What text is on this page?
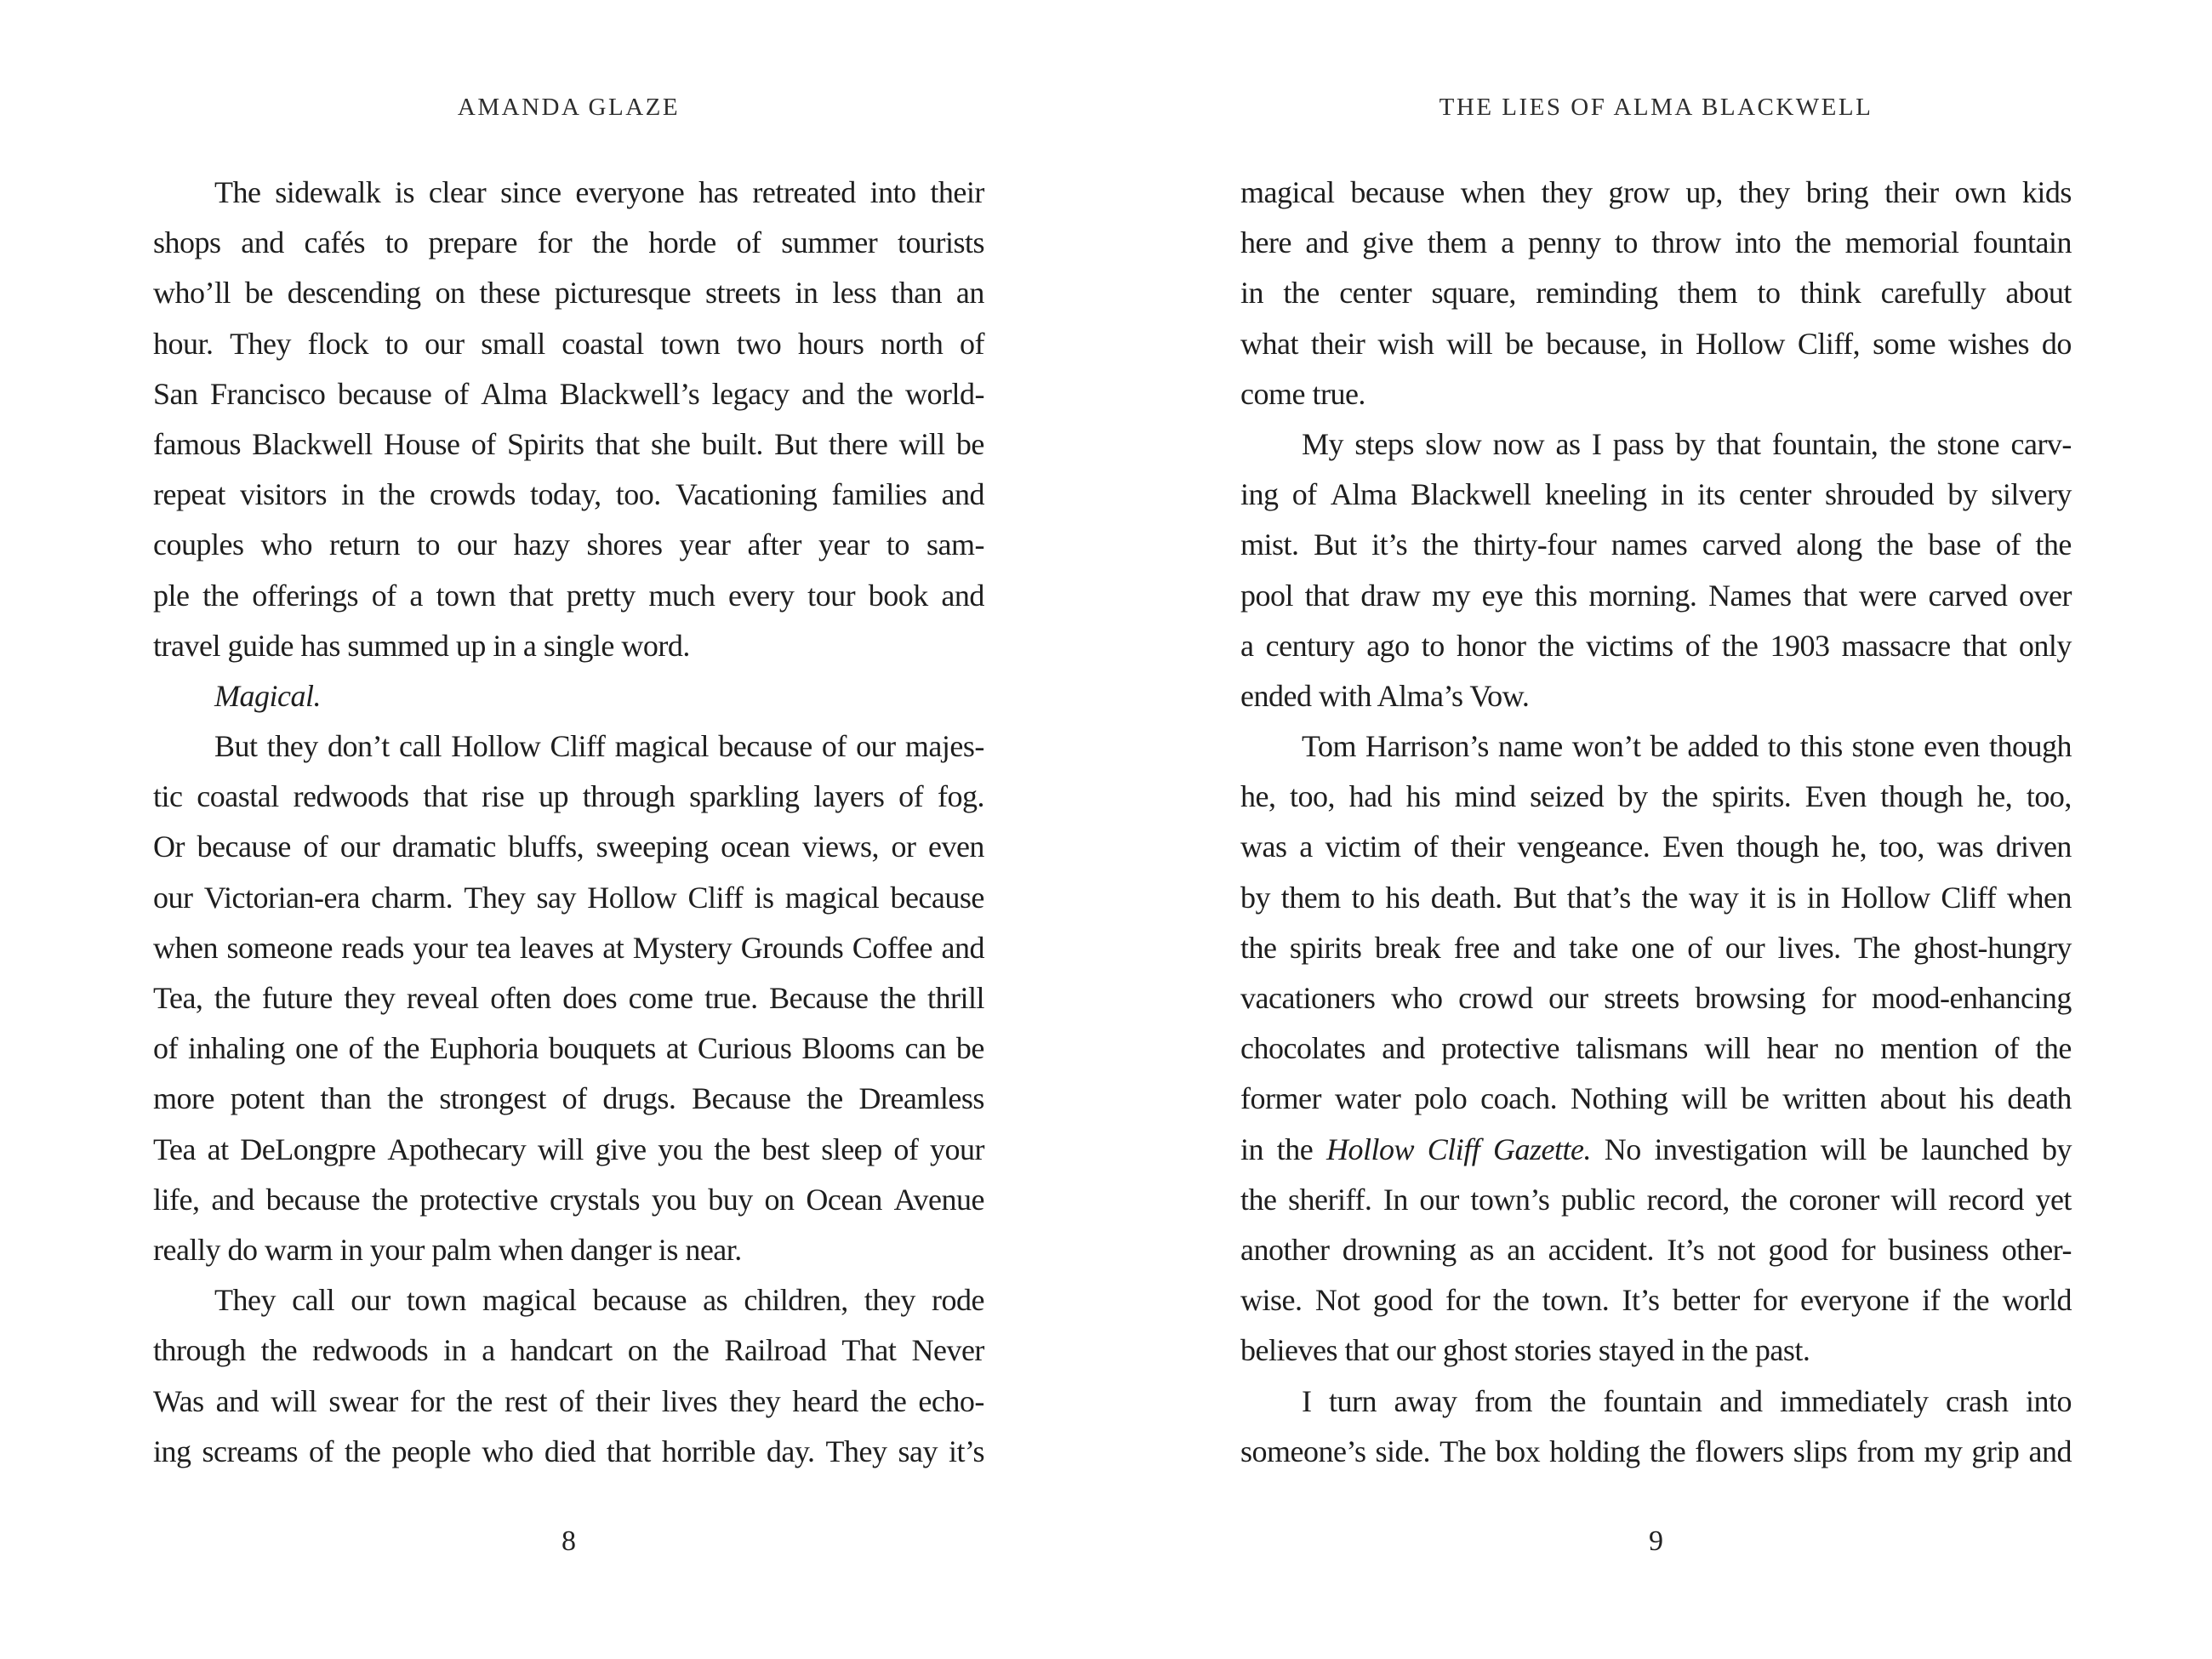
AMANDA GLAZE
The sidewalk is clear since everyone has retreated into their
shops and cafés to prepare for the horde of summer tourists
who’ll be descending on these picturesque streets in less than an
hour. They flock to our small coastal town two hours north of
San Francisco because of Alma Blackwell’s legacy and the world-
famous Blackwell House of Spirits that she built. But there will be
repeat visitors in the crowds today, too. Vacationing families and
couples who return to our hazy shores year after year to sam-
ple the offerings of a town that pretty much every tour book and
travel guide has summed up in a single word.
Magical.
But they don’t call Hollow Cliff magical because of our majes-
tic coastal redwoods that rise up through sparkling layers of fog.
Or because of our dramatic bluffs, sweeping ocean views, or even
our Victorian-era charm. They say Hollow Cliff is magical because
when someone reads your tea leaves at Mystery Grounds Coffee and
Tea, the future they reveal often does come true. Because the thrill
of inhaling one of the Euphoria bouquets at Curious Blooms can be
more potent than the strongest of drugs. Because the Dreamless
Tea at DeLongpre Apothecary will give you the best sleep of your
life, and because the protective crystals you buy on Ocean Avenue
really do warm in your palm when danger is near.
They call our town magical because as children, they rode
through the redwoods in a handcart on the Railroad That Never
Was and will swear for the rest of their lives they heard the echo-
ing screams of the people who died that horrible day. They say it’s
8
THE LIES OF ALMA BLACKWELL
magical because when they grow up, they bring their own kids
here and give them a penny to throw into the memorial fountain
in the center square, reminding them to think carefully about
what their wish will be because, in Hollow Cliff, some wishes do
come true.
My steps slow now as I pass by that fountain, the stone carv-
ing of Alma Blackwell kneeling in its center shrouded by silvery
mist. But it’s the thirty-four names carved along the base of the
pool that draw my eye this morning. Names that were carved over
a century ago to honor the victims of the 1903 massacre that only
ended with Alma’s Vow.
Tom Harrison’s name won’t be added to this stone even though
he, too, had his mind seized by the spirits. Even though he, too,
was a victim of their vengeance. Even though he, too, was driven
by them to his death. But that’s the way it is in Hollow Cliff when
the spirits break free and take one of our lives. The ghost-hungry
vacationers who crowd our streets browsing for mood-enhancing
chocolates and protective talismans will hear no mention of the
former water polo coach. Nothing will be written about his death
in the Hollow Cliff Gazette. No investigation will be launched by
the sheriff. In our town’s public record, the coroner will record yet
another drowning as an accident. It’s not good for business other-
wise. Not good for the town. It’s better for everyone if the world
believes that our ghost stories stayed in the past.
I turn away from the fountain and immediately crash into
someone’s side. The box holding the flowers slips from my grip and
9
